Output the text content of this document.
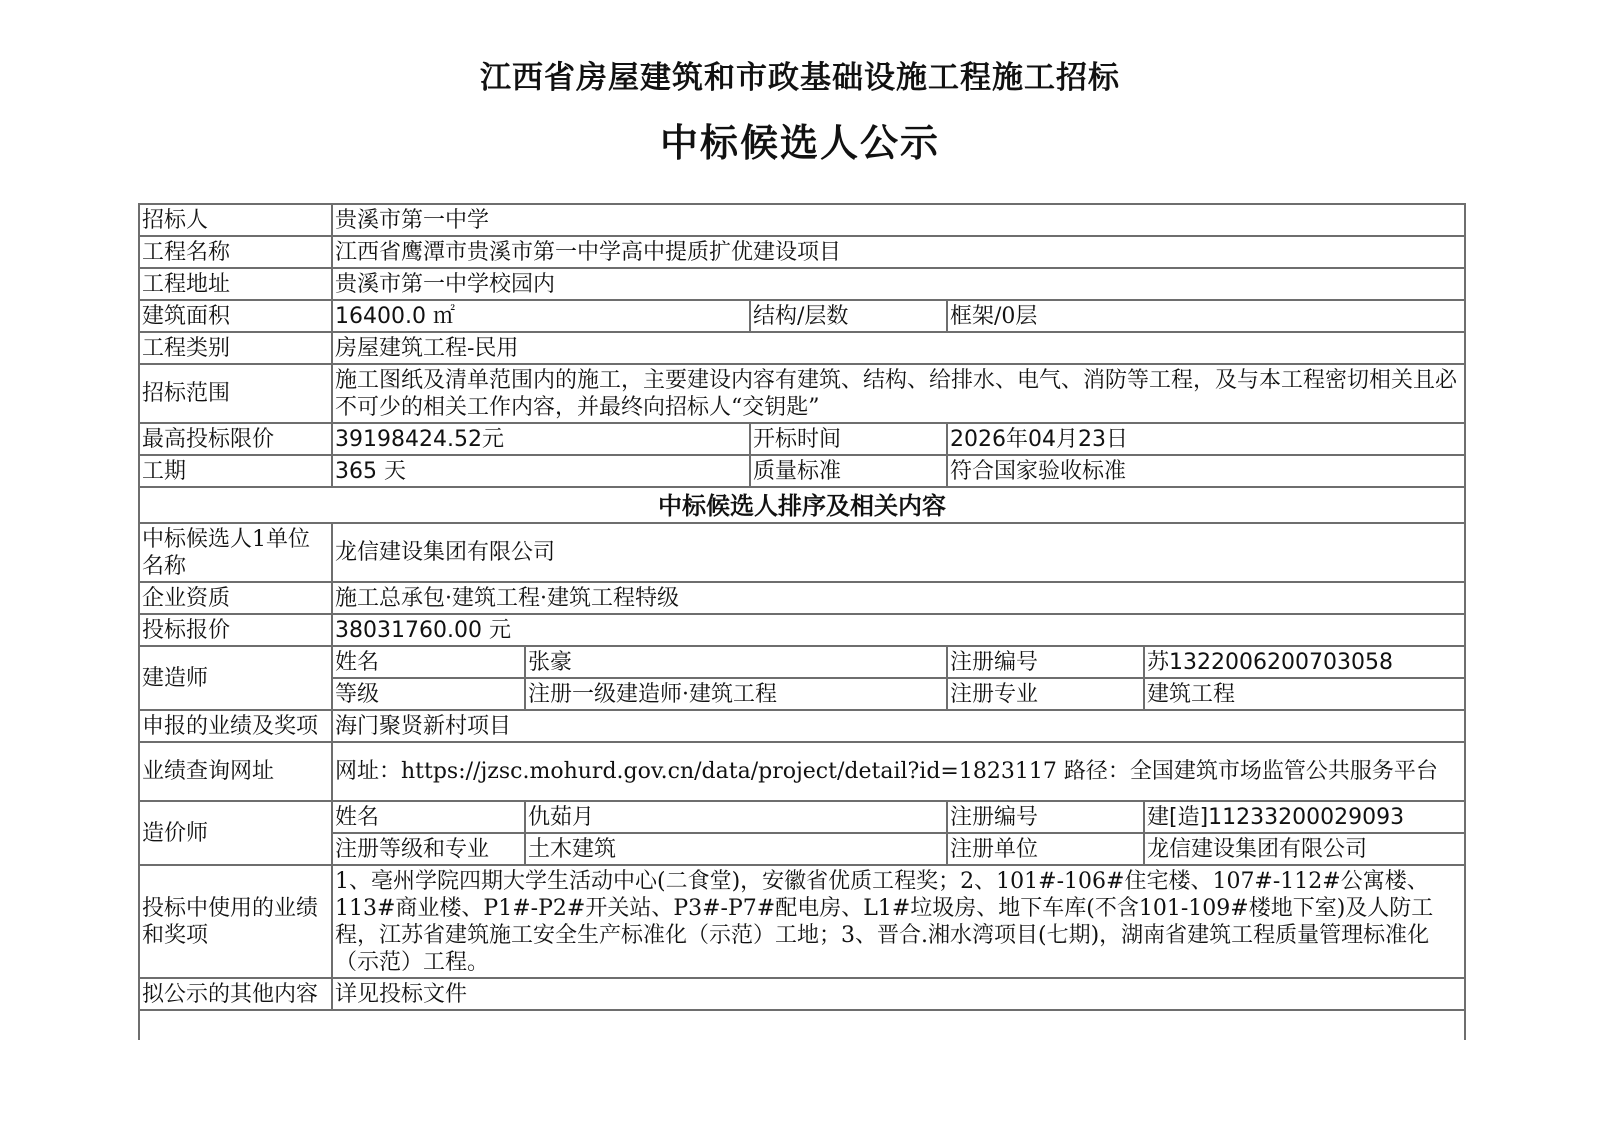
江西省房屋建筑和市政基础设施工程施工招标
中标候选人公示
招标人	贵溪市第一中学				
工程名称	江西省鹰潭市贵溪市第一中学高中提质扩优建设项目				
工程地址	贵溪市第一中学校园内				
建筑面积	16400.0 ㎡		结构/层数	框架/0层	
工程类别	房屋建筑工程-民用				
招标范围	施工图纸及清单范围内的施工，主要建设内容有建筑、结构、给排水、电气、消防等工程，及与本工程密切相关且必不可少的相关工作内容，并最终向招标人“交钥匙”				
最高投标限价	39198424.52元		开标时间	2026年04月23日	
工期	365 天		质量标准	符合国家验收标准	
中标候选人排序及相关内容					
中标候选人1单位名称	龙信建设集团有限公司				
企业资质	施工总承包·建筑工程·建筑工程特级				
投标报价	38031760.00 元				
建造师	姓名	张豪		注册编号	苏1322006200703058
	等级	注册一级建造师·建筑工程		注册专业	建筑工程
申报的业绩及奖项	海门聚贤新村项目				
业绩查询网址	网址：https://jzsc.mohurd.gov.cn/data/project/detail?id=1823117 路径：全国建筑市场监管公共服务平台				
造价师	姓名	仇茹月		注册编号	建[造]11233200029093
	注册等级和专业	土木建筑		注册单位	龙信建设集团有限公司
投标中使用的业绩和奖项	1、亳州学院四期大学生活动中心(二食堂)，安徽省优质工程奖；2、101#-106#住宅楼、107#-112#公寓楼、113#商业楼、P1#-P2#开关站、P3#-P7#配电房、L1#垃圾房、地下车库(不含101-109#楼地下室)及人防工程，江苏省建筑施工安全生产标准化（示范）工地；3、晋合.湘水湾项目(七期)，湖南省建筑工程质量管理标准化（示范）工程。				
拟公示的其他内容	详见投标文件				
